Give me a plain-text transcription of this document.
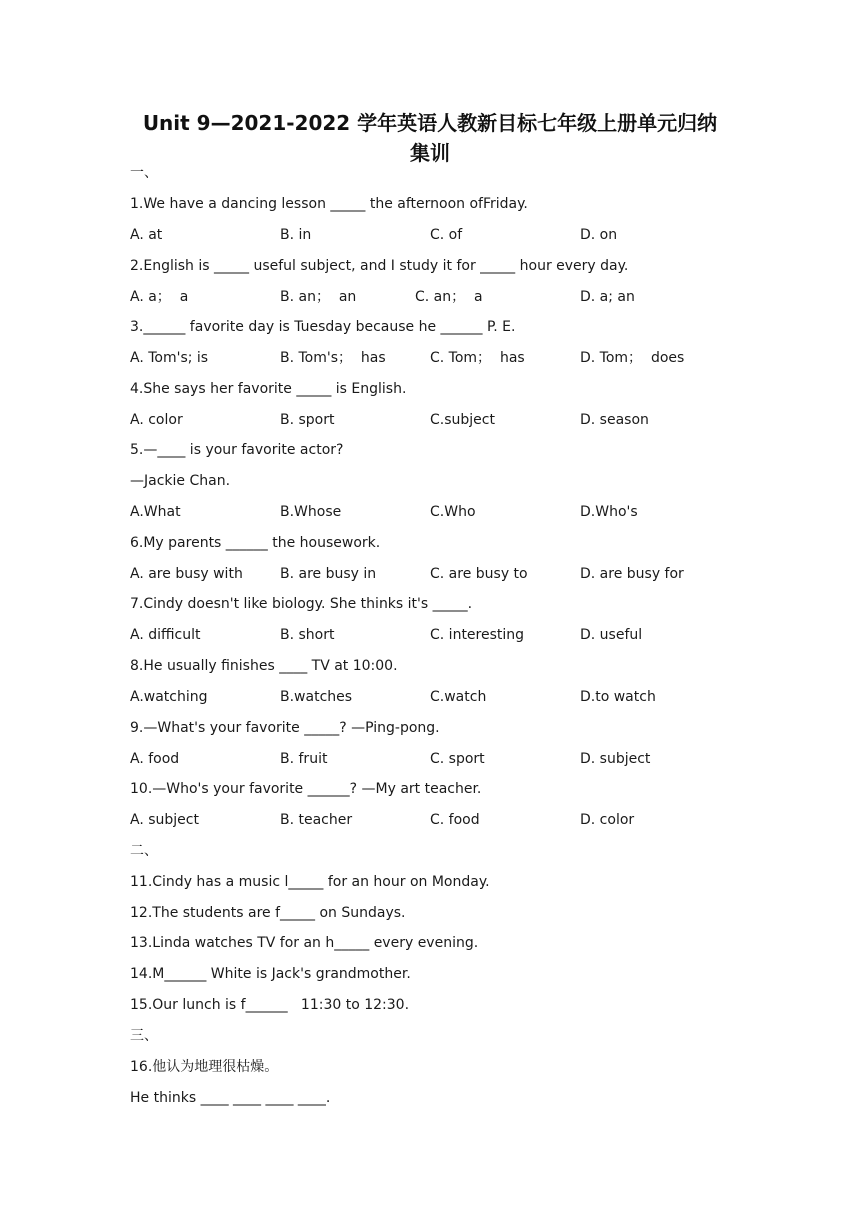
Unit 9—2021-2022 学年英语人教新目标七年级上册单元归纳
集训
一、
1.We have a dancing lesson _____ the afternoon ofFriday.
A. at	B. in	C. of	D. on
2.English is _____ useful subject, and I study it for _____ hour every day.
A. a；  a	B. an；  an	C. an；  a	D. a; an
3.______ favorite day is Tuesday because he ______ P. E.
A. Tom's; is	B. Tom's；  has	C. Tom；  has	D. Tom；  does
4.She says her favorite _____ is English.
A. color	B. sport	C.subject	D. season
5.—____ is your favorite actor?
—Jackie Chan.
A.What	B.Whose	C.Who	D.Who's
6.My parents ______ the housework.
A. are busy with	B. are busy in	C. are busy to	D. are busy for
7.Cindy doesn't like biology. She thinks it's _____.
A. difficult	B. short	C. interesting	D. useful
8.He usually finishes ____ TV at 10:00.
A.watching	B.watches	C.watch	D.to watch
9.—What's your favorite _____? —Ping-pong.
A. food	B. fruit	C. sport	D. subject
10.—Who's your favorite ______? —My art teacher.
A. subject	B. teacher	C. food	D. color
二、
11.Cindy has a music l_____ for an hour on Monday.
12.The students are f_____ on Sundays.
13.Linda watches TV for an h_____ every evening.
14.M______ White is Jack's grandmother.
15.Our lunch is f______   11:30 to 12:30.
三、
16.他认为地理很枯燥。
He thinks ____ ____ ____ ____.
